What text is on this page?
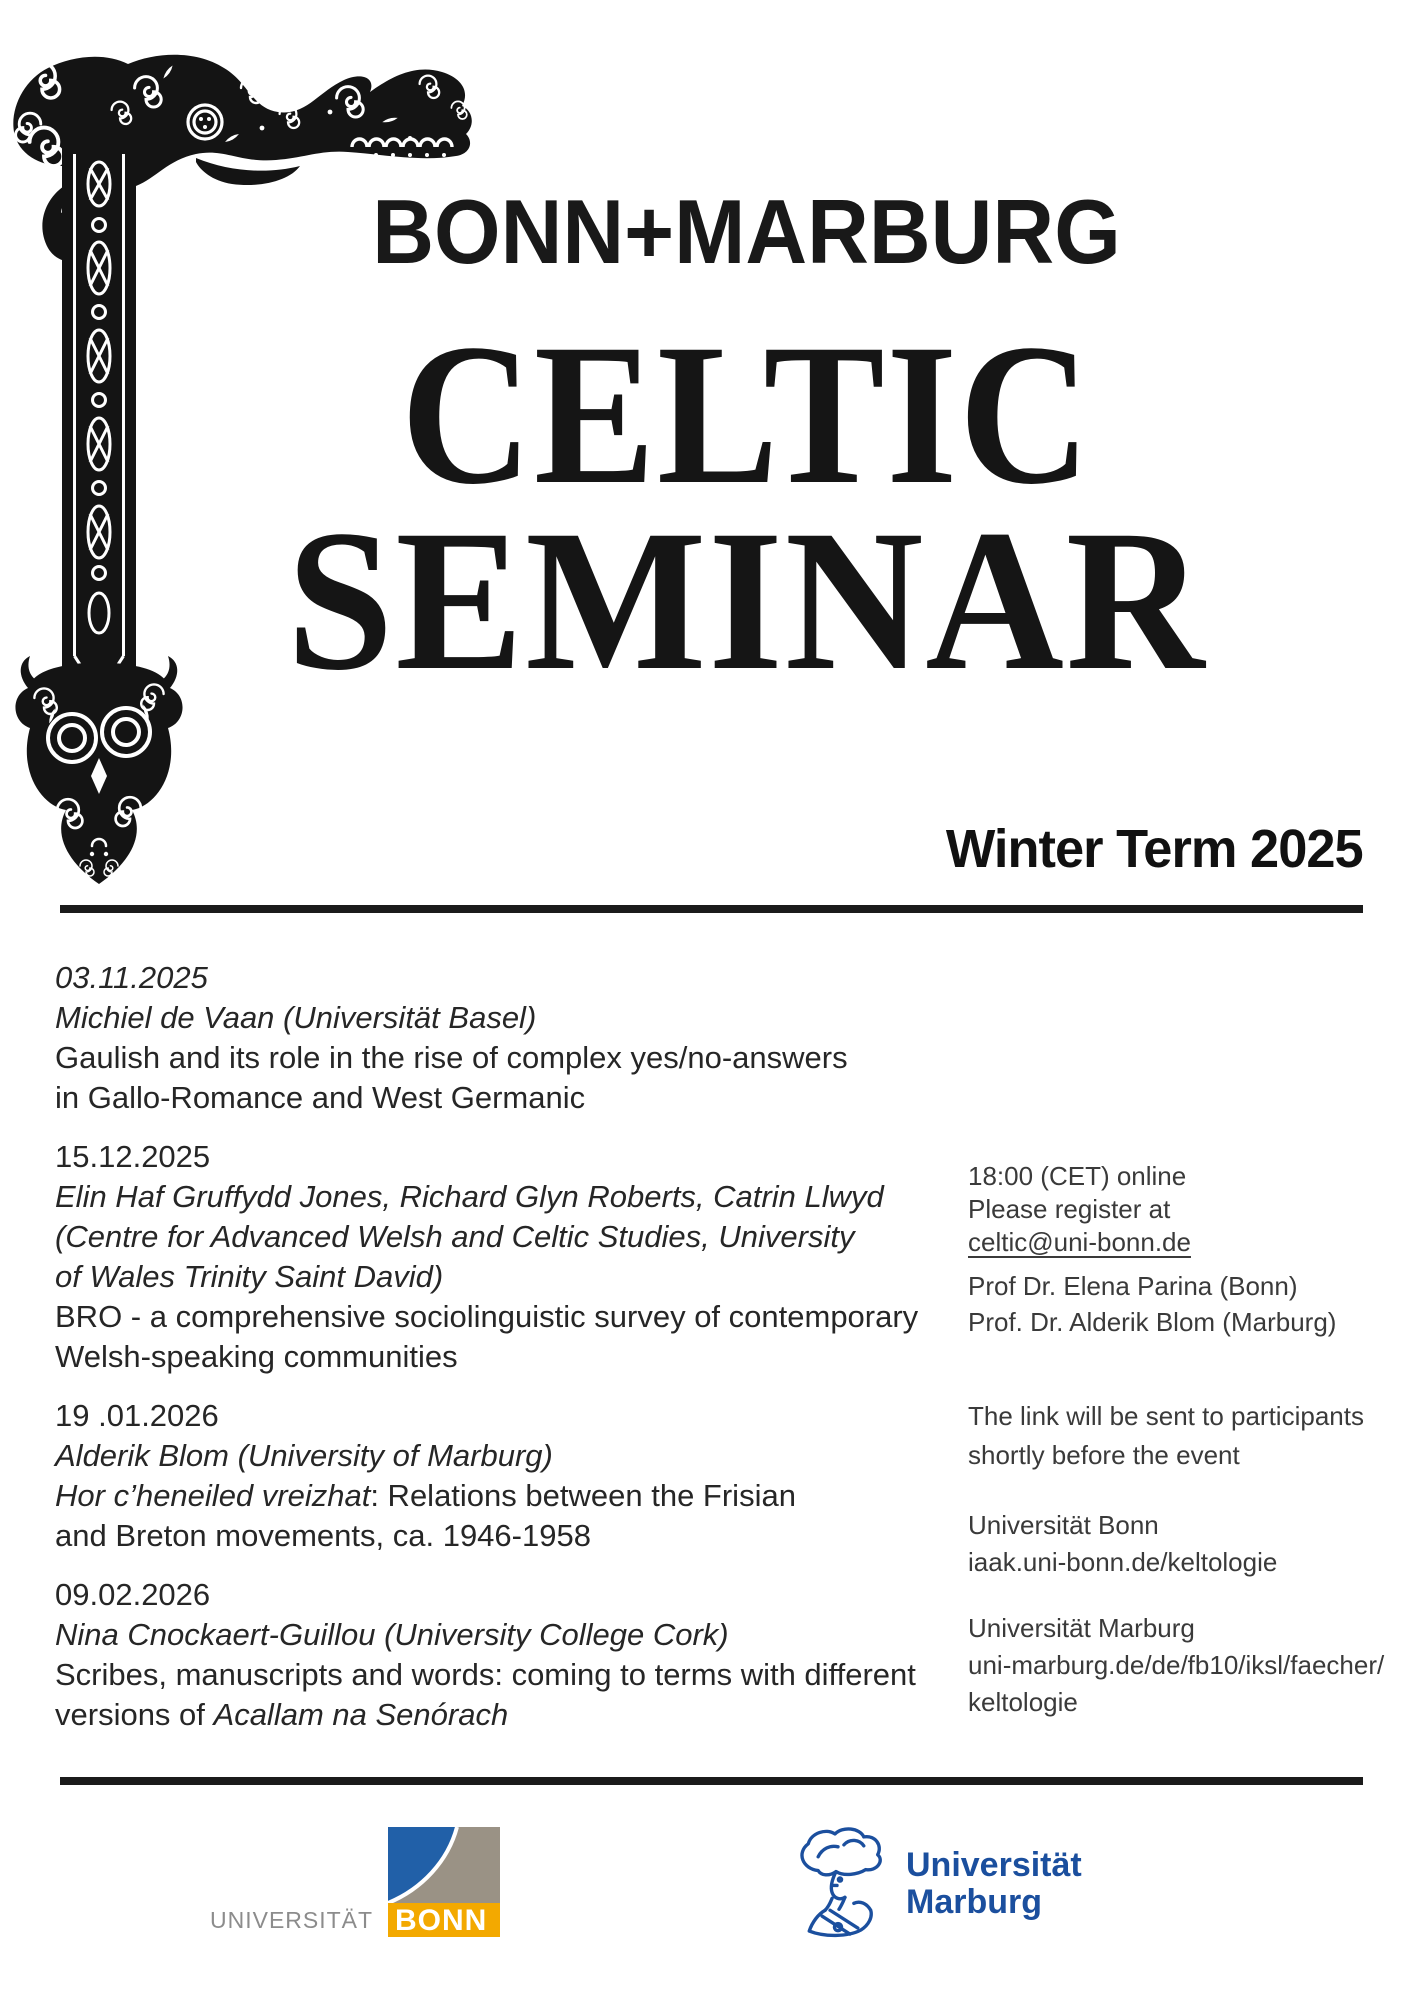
BONN+MARBURG
CELTIC
SEMINAR
Winter Term 2025
03.11.2025
Michiel de Vaan (Universität Basel)
Gaulish and its role in the rise of complex yes/no-answers
in Gallo-Romance and West Germanic
15.12.2025
Elin Haf Gruffydd Jones, Richard Glyn Roberts, Catrin Llwyd
(Centre for Advanced Welsh and Celtic Studies, University
of Wales Trinity Saint David)
BRO - a comprehensive sociolinguistic survey of contemporary
Welsh-speaking communities
19 .01.2026
Alderik Blom (University of Marburg)
Hor c’heneiled vreizhat: Relations between the Frisian
and Breton movements, ca. 1946-1958
09.02.2026
Nina Cnockaert-Guillou (University College Cork)
Scribes, manuscripts and words: coming to terms with different
versions of Acallam na Senórach
18:00 (CET) online
Please register at
celtic@uni-bonn.de
Prof Dr. Elena Parina (Bonn)
Prof. Dr. Alderik Blom (Marburg)
The link will be sent to participants
shortly before the event
Universität Bonn
iaak.uni-bonn.de/keltologie
Universität Marburg
uni-marburg.de/de/fb10/iksl/faecher/
keltologie
UNIVERSITÄT BONN
Universität
Marburg
